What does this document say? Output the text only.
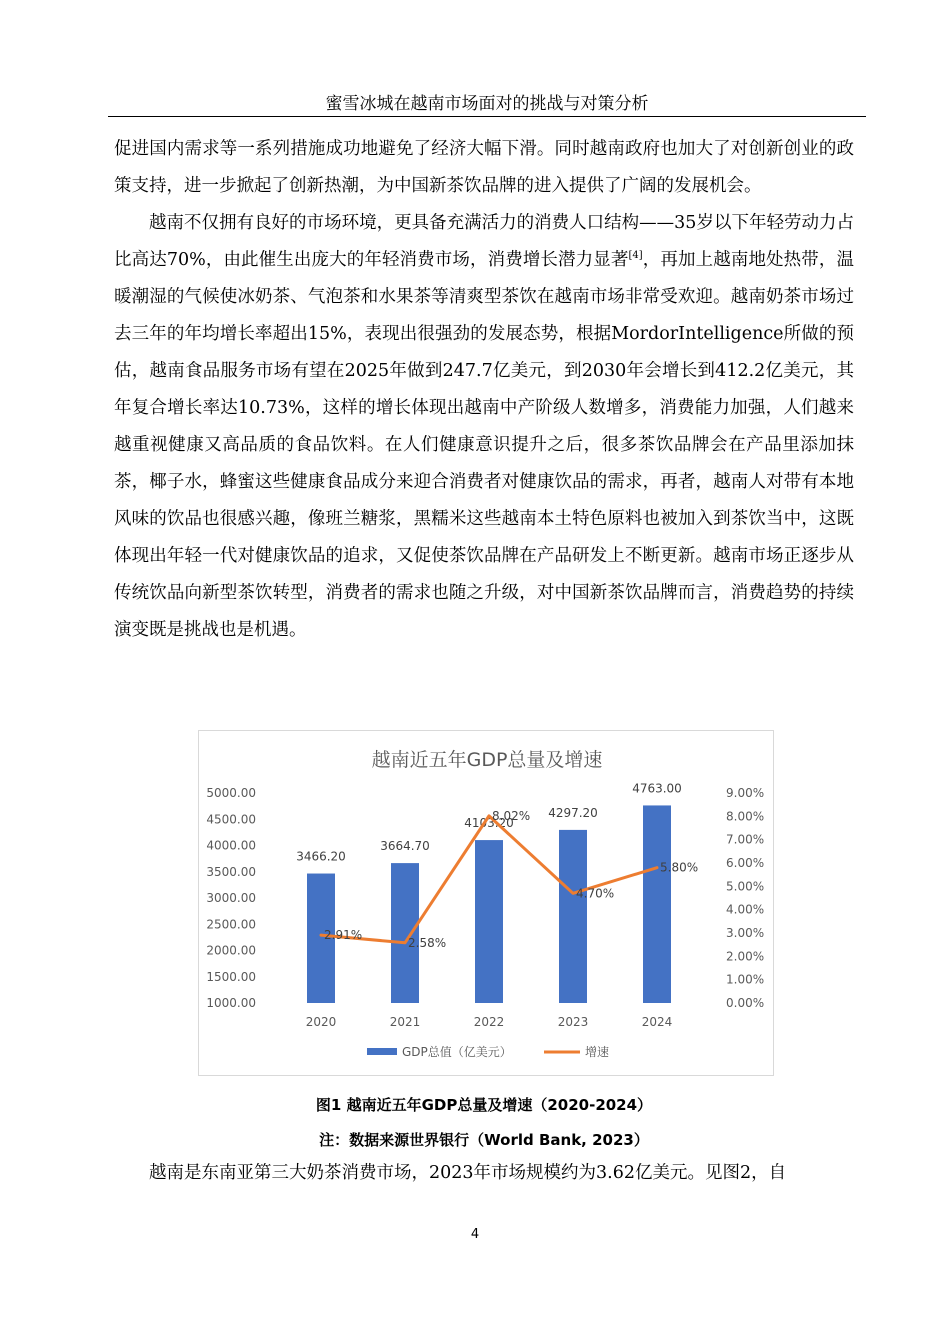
蜜雪冰城在越南市场面对的挑战与对策分析

促进国内需求等一系列措施成功地避免了经济大幅下滑。同时越南政府也加大了对创新创业的政策支持，进一步掀起了创新热潮，为中国新茶饮品牌的进入提供了广阔的发展机会。

越南不仅拥有良好的市场环境，更具备充满活力的消费人口结构——35岁以下年轻劳动力占比高达70%，由此催生出庞大的年轻消费市场，消费增长潜力显著[4]，再加上越南地处热带，温暖潮湿的气候使冰奶茶、气泡茶和水果茶等清爽型茶饮在越南市场非常受欢迎。越南奶茶市场过去三年的年均增长率超出15%，表现出很强劲的发展态势，根据MordorIntelligence所做的预估，越南食品服务市场有望在2025年做到247.7亿美元，到2030年会增长到412.2亿美元，其年复合增长率达10.73%，这样的增长体现出越南中产阶级人数增多，消费能力加强，人们越来越重视健康又高品质的食品饮料。在人们健康意识提升之后，很多茶饮品牌会在产品里添加抹茶，椰子水，蜂蜜这些健康食品成分来迎合消费者对健康饮品的需求，再者，越南人对带有本地风味的饮品也很感兴趣，像班兰糖浆，黑糯米这些越南本土特色原料也被加入到茶饮当中，这既体现出年轻一代对健康饮品的追求，又促使茶饮品牌在产品研发上不断更新。越南市场正逐步从传统饮品向新型茶饮转型，消费者的需求也随之升级，对中国新茶饮品牌而言，消费趋势的持续演变既是挑战也是机遇。

越南近五年GDP总量及增速
1000.00
1500.00
2000.00
2500.00
3000.00
3500.00
4000.00
4500.00
5000.00
0.00%
1.00%
2.00%
3.00%
4.00%
5.00%
6.00%
7.00%
8.00%
9.00%
3466.20
3664.70
4103.20
4297.20
4763.00
2.91%
2.58%
8.02%
4.70%
5.80%
2020	2021	2022	2023	2024
GDP总值（亿美元）	增速
图1 越南近五年GDP总量及增速（2020-2024）
注：数据来源世界银行（World Bank, 2023）
越南是东南亚第三大奶茶消费市场，2023年市场规模约为3.62亿美元。见图2，自
4
